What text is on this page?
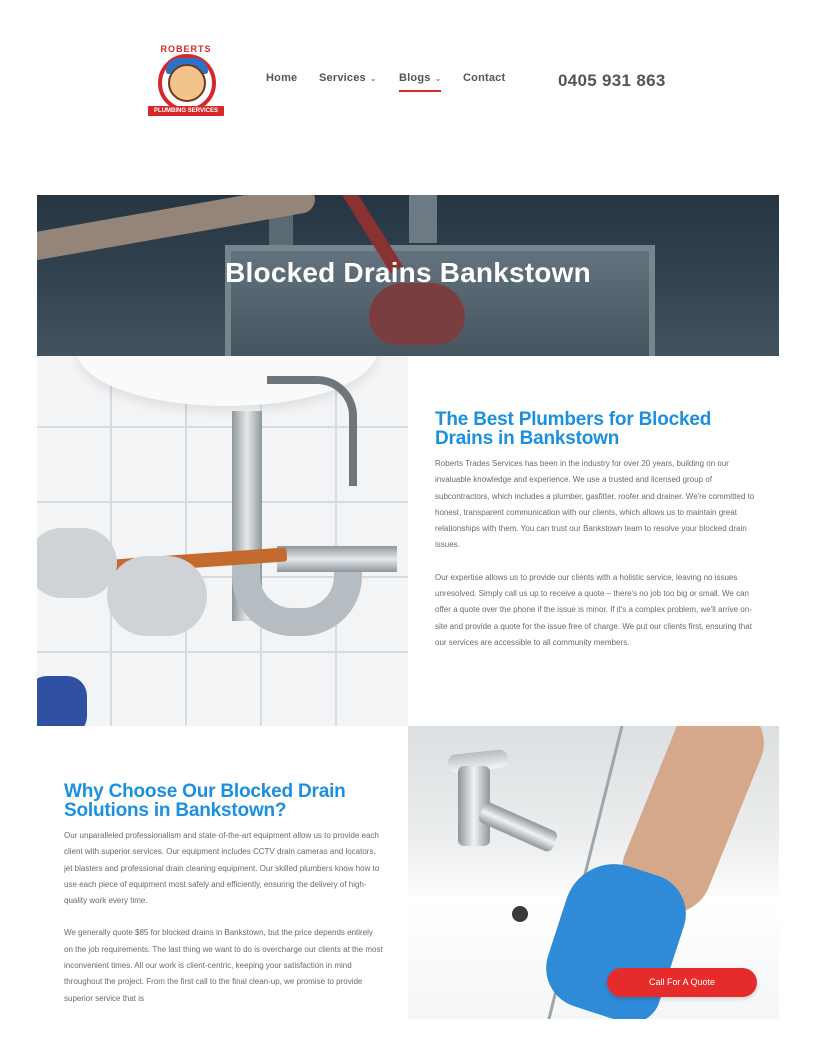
ROBERTS
PLUMBING SERVICES
Home Services ⌄ Blogs ⌄ Contact	0405 931 863
Blocked Drains Bankstown
The Best Plumbers for Blocked Drains in Bankstown

Roberts Trades Services has been in the industry for over 20 years, building on our invaluable knowledge and experience. We use a trusted and licensed group of subcontractors, which includes a plumber, gasfitter, roofer and drainer. We're committed to honest, transparent communication with our clients, which allows us to maintain great relationships with them. You can trust our Bankstown team to resolve your blocked drain issues.

Our expertise allows us to provide our clients with a holistic service, leaving no issues unresolved. Simply call us up to receive a quote – there's no job too big or small. We can offer a quote over the phone if the issue is minor. If it's a complex problem, we'll arrive on-site and provide a quote for the issue free of charge. We put our clients first, ensuring that our services are accessible to all community members.

Why Choose Our Blocked Drain Solutions in Bankstown?

Our unparalleled professionalism and state-of-the-art equipment allow us to provide each client with superior services. Our equipment includes CCTV drain cameras and locators, jet blasters and professional drain cleaning equipment. Our skilled plumbers know how to use each piece of equipment most safely and efficiently, ensuring the delivery of high-quality work every time.

We generally quote $85 for blocked drains in Bankstown, but the price depends entirely on the job requirements. The last thing we want to do is overcharge our clients at the most inconvenient times. All our work is client-centric, keeping your satisfaction in mind throughout the project. From the first call to the final clean-up, we promise to provide superior service that is

Call For A Quote
